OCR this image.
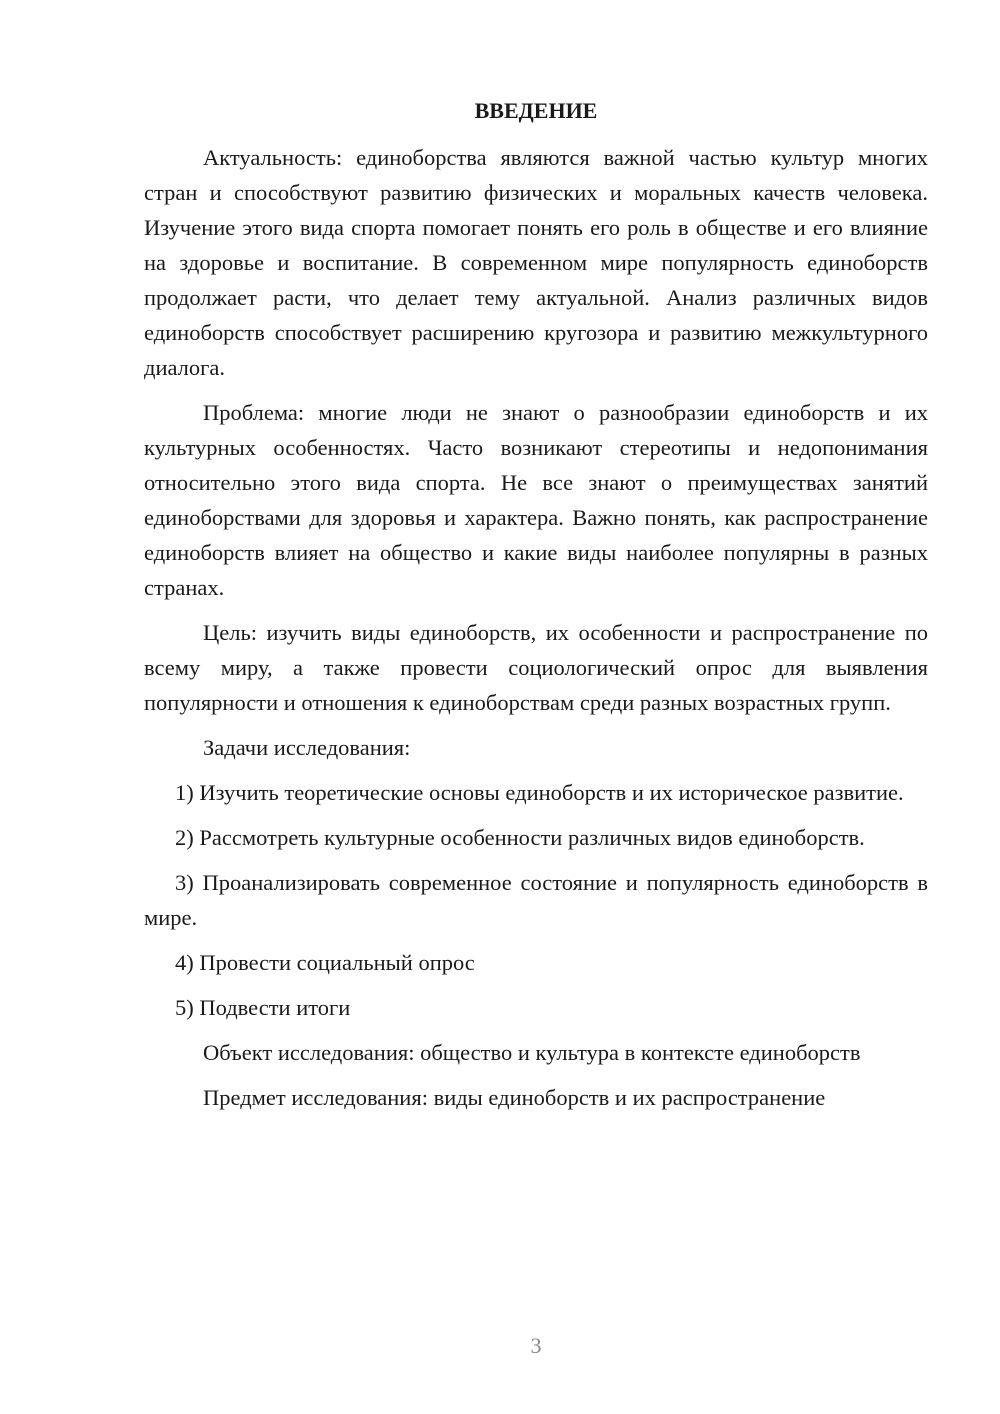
ВВЕДЕНИЕ

Актуальность: единоборства являются важной частью культур многих стран и способствуют развитию физических и моральных качеств человека. Изучение этого вида спорта помогает понять его роль в обществе и его влияние на здоровье и воспитание. В современном мире популярность единоборств продолжает расти, что делает тему актуальной. Анализ различных видов единоборств способствует расширению кругозора и развитию межкультурного диалога.

Проблема: многие люди не знают о разнообразии единоборств и их культурных особенностях. Часто возникают стереотипы и недопонимания относительно этого вида спорта. Не все знают о преимуществах занятий единоборствами для здоровья и характера. Важно понять, как распространение единоборств влияет на общество и какие виды наиболее популярны в разных странах.

Цель: изучить виды единоборств, их особенности и распространение по всему миру, а также провести социологический опрос для выявления популярности и отношения к единоборствам среди разных возрастных групп.

Задачи исследования:

1) Изучить теоретические основы единоборств и их историческое развитие.

2) Рассмотреть культурные особенности различных видов единоборств.

3) Проанализировать современное состояние и популярность единоборств в мире.

4) Провести социальный опрос

5) Подвести итоги

Объект исследования: общество и культура в контексте единоборств

Предмет исследования: виды единоборств и их распространение

3
